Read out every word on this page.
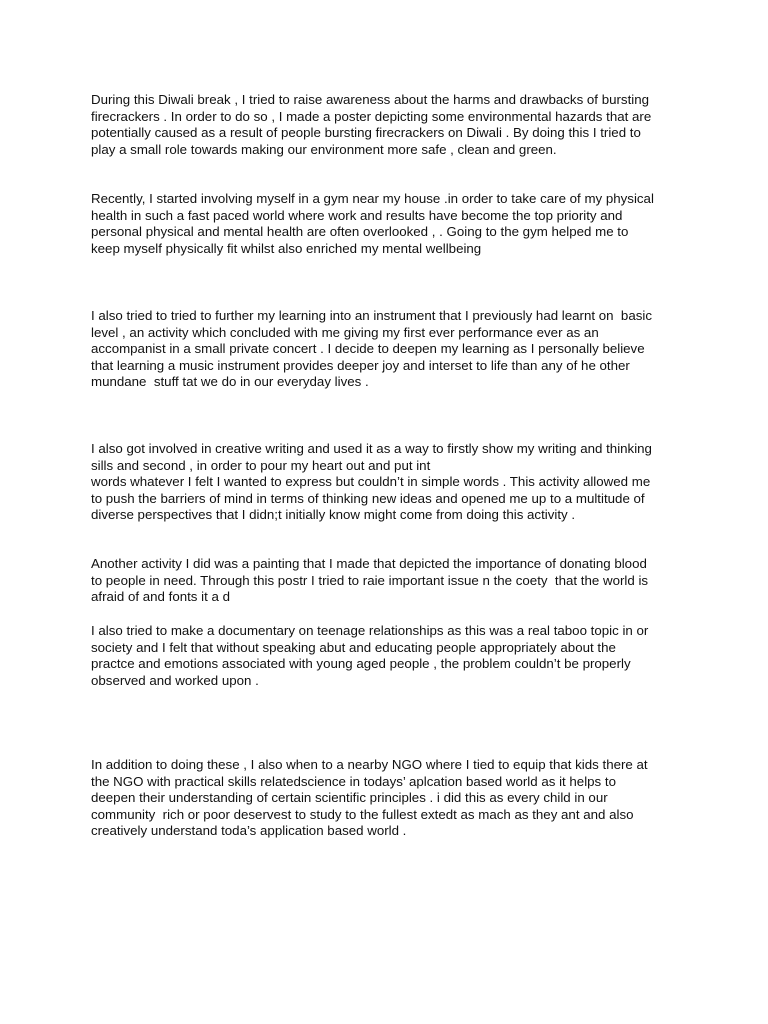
During this Diwali break , I tried to raise awareness about the harms and drawbacks of bursting
firecrackers . In order to do so , I made a poster depicting some environmental hazards that are
potentially caused as a result of people bursting firecrackers on Diwali . By doing this I tried to
play a small role towards making our environment more safe , clean and green.

Recently, I started involving myself in a gym near my house .in order to take care of my physical
health in such a fast paced world where work and results have become the top priority and
personal physical and mental health are often overlooked , . Going to the gym helped me to
keep myself physically fit whilst also enriched my mental wellbeing

I also tried to tried to further my learning into an instrument that I previously had learnt on  basic
level , an activity which concluded with me giving my first ever performance ever as an
accompanist in a small private concert . I decide to deepen my learning as I personally believe
that learning a music instrument provides deeper joy and interset to life than any of he other
mundane  stuff tat we do in our everyday lives .

I also got involved in creative writing and used it as a way to firstly show my writing and thinking
sills and second , in order to pour my heart out and put int
words whatever I felt I wanted to express but couldn’t in simple words . This activity allowed me
to push the barriers of mind in terms of thinking new ideas and opened me up to a multitude of
diverse perspectives that I didn;t initially know might come from doing this activity .

Another activity I did was a painting that I made that depicted the importance of donating blood
to people in need. Through this postr I tried to raie important issue n the coety  that the world is
afraid of and fonts it a d

I also tried to make a documentary on teenage relationships as this was a real taboo topic in or
society and I felt that without speaking abut and educating people appropriately about the
practce and emotions associated with young aged people , the problem couldn’t be properly
observed and worked upon .

In addition to doing these , I also when to a nearby NGO where I tied to equip that kids there at
the NGO with practical skills relatedscience in todays’ aplcation based world as it helps to
deepen their understanding of certain scientific principles . i did this as every child in our
community  rich or poor deservest to study to the fullest extedt as mach as they ant and also
creatively understand toda’s application based world .
